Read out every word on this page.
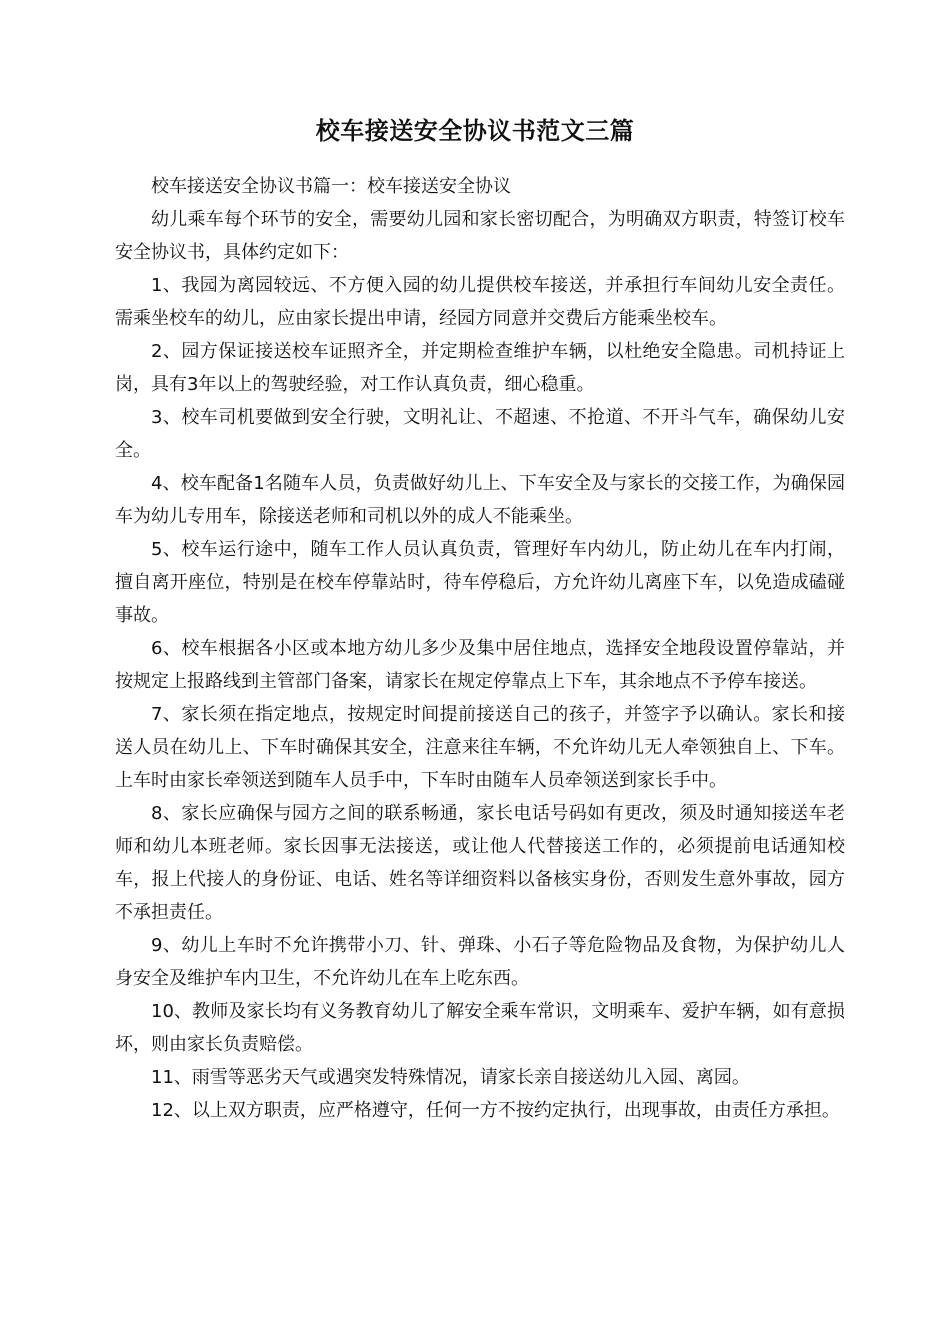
校车接送安全协议书范文三篇

校车接送安全协议书篇一：校车接送安全协议

幼儿乘车每个环节的安全，需要幼儿园和家长密切配合，为明确双方职责，特签订校车安全协议书，具体约定如下：

1、我园为离园较远、不方便入园的幼儿提供校车接送，并承担行车间幼儿安全责任。需乘坐校车的幼儿，应由家长提出申请，经园方同意并交费后方能乘坐校车。

2、园方保证接送校车证照齐全，并定期检查维护车辆，以杜绝安全隐患。司机持证上岗，具有3年以上的驾驶经验，对工作认真负责，细心稳重。

3、校车司机要做到安全行驶，文明礼让、不超速、不抢道、不开斗气车，确保幼儿安全。

4、校车配备1名随车人员，负责做好幼儿上、下车安全及与家长的交接工作，为确保园车为幼儿专用车，除接送老师和司机以外的成人不能乘坐。

5、校车运行途中，随车工作人员认真负责，管理好车内幼儿，防止幼儿在车内打闹，擅自离开座位，特别是在校车停靠站时，待车停稳后，方允许幼儿离座下车，以免造成磕碰事故。

6、校车根据各小区或本地方幼儿多少及集中居住地点，选择安全地段设置停靠站，并按规定上报路线到主管部门备案，请家长在规定停靠点上下车，其余地点不予停车接送。

7、家长须在指定地点，按规定时间提前接送自己的孩子，并签字予以确认。家长和接送人员在幼儿上、下车时确保其安全，注意来往车辆，不允许幼儿无人牵领独自上、下车。上车时由家长牵领送到随车人员手中，下车时由随车人员牵领送到家长手中。

8、家长应确保与园方之间的联系畅通，家长电话号码如有更改，须及时通知接送车老师和幼儿本班老师。家长因事无法接送，或让他人代替接送工作的，必须提前电话通知校车，报上代接人的身份证、电话、姓名等详细资料以备核实身份，否则发生意外事故，园方不承担责任。

9、幼儿上车时不允许携带小刀、针、弹珠、小石子等危险物品及食物，为保护幼儿人身安全及维护车内卫生，不允许幼儿在车上吃东西。

10、教师及家长均有义务教育幼儿了解安全乘车常识，文明乘车、爱护车辆，如有意损坏，则由家长负责赔偿。

11、雨雪等恶劣天气或遇突发特殊情况，请家长亲自接送幼儿入园、离园。

12、以上双方职责，应严格遵守，任何一方不按约定执行，出现事故，由责任方承担。
